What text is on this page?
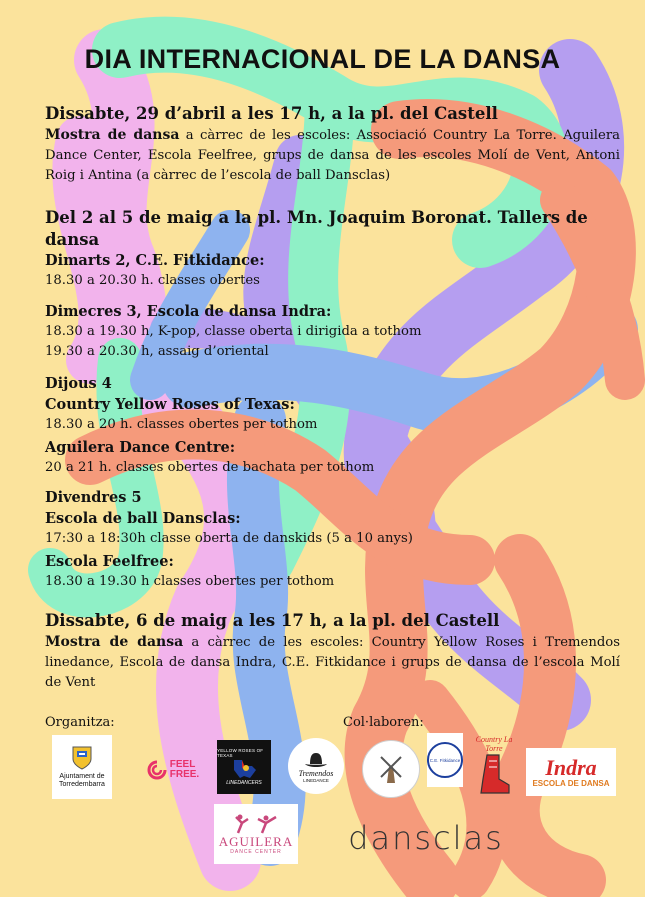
DIA INTERNACIONAL DE LA DANSA
Dissabte, 29 d’abril a les 17 h, a la pl. del Castell
Mostra de dansa a càrrec de les escoles: Associació Country La Torre. Aguilera Dance Center, Escola Feelfree, grups de dansa de les escoles Molí de Vent, Antoni Roig i Antina (a càrrec de l’escola de ball Dansclas)
Del 2 al 5 de maig a la pl. Mn. Joaquim Boronat. Tallers de dansa
Dimarts 2, C.E. Fitkidance:
18.30 a 20.30 h. classes obertes
Dimecres 3, Escola de dansa Indra:
18.30 a 19.30 h, K-pop, classe oberta i dirigida a tothom
19.30 a 20.30 h, assaig d’oriental
Dijous 4
Country Yellow Roses of Texas:
18.30 a 20 h. classes obertes per tothom
Aguilera Dance Centre:
20 a 21 h. classes obertes de bachata per tothom
Divendres 5
Escola de ball Dansclas:
17:30 a 18:30h classe oberta de danskids (5 a 10 anys)
Escola Feelfree:
18.30 a 19.30 h classes obertes per tothom
Dissabte, 6 de maig a les 17 h, a la pl. del Castell
Mostra de dansa a càrrec de les escoles: Country Yellow Roses i Tremendos linedance, Escola de dansa Indra, C.E. Fitkidance i grups de dansa de l’escola Molí de Vent
Organitza:	Col·laboren:
Ajuntament de
Torredembarra
FEEL
FREE.
YELLOW ROSES OF TEXAS
LINEDANCERS
Tremendos
LINEDANCE
C.E. Fitkidance
Country La Torre
Indra
ESCOLA DE DANSA
AGUILERA
DANCE CENTER dansclas
